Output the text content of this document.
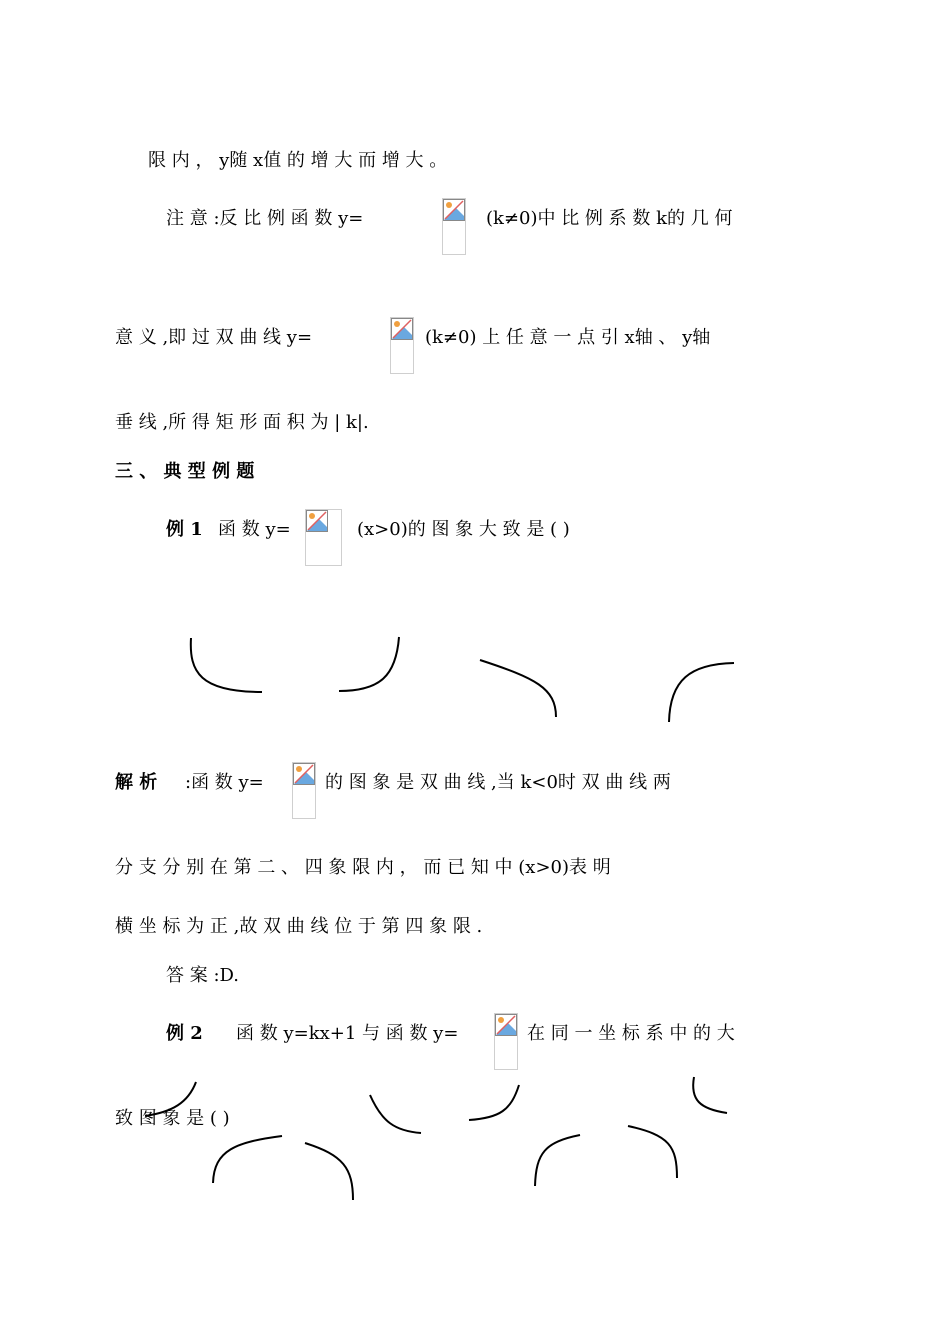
限 内 ， y随 x值 的 增 大 而 增 大 。
注 意 :反 比 例 函 数 y=	(k≠0)中 比 例 系 数 k的 几 何
意 义 ,即 过 双 曲 线 y=	(k≠0) 上 任 意 一 点 引 x轴 、 y轴
垂 线 ,所 得 矩 形 面 积 为 | k|.
三 、 典 型 例 题
例 1 函 数 y=	(x>0)的 图 象 大 致 是 ( )
解 析 :函 数 y=	的 图 象 是 双 曲 线 ,当 k<0时 双 曲 线 两
分 支 分 别 在 第 二 、 四 象 限 内 ， 而 已 知 中 (x>0)表 明
横 坐 标 为 正 ,故 双 曲 线 位 于 第 四 象 限 .
答 案 :D.
例 2 函 数 y=kx+1 与 函 数 y=	在 同 一 坐 标 系 中 的 大
致 图 象 是 ( )
